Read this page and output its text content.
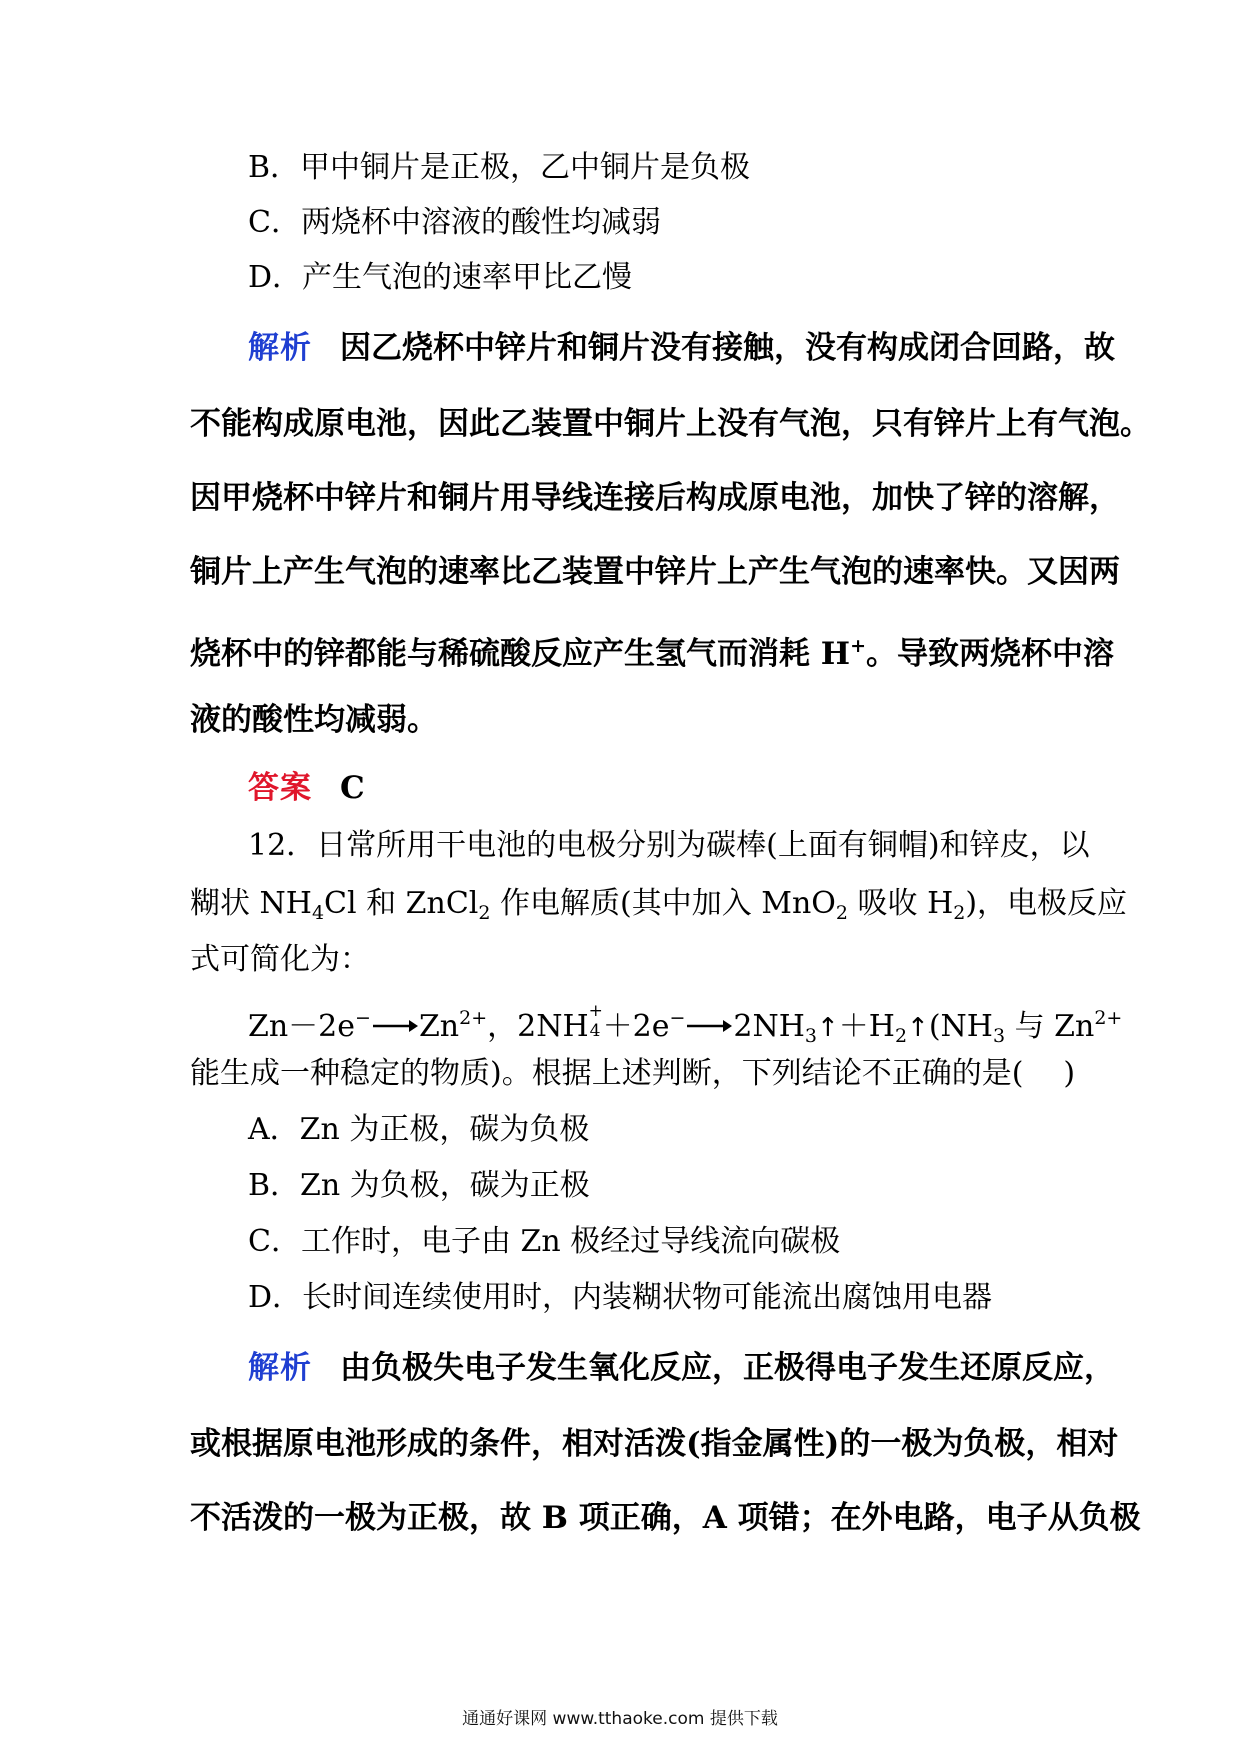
B．甲中铜片是正极，乙中铜片是负极
C．两烧杯中溶液的酸性均减弱
D．产生气泡的速率甲比乙慢
解析 因乙烧杯中锌片和铜片没有接触，没有构成闭合回路，故
不能构成原电池，因此乙装置中铜片上没有气泡，只有锌片上有气泡。
因甲烧杯中锌片和铜片用导线连接后构成原电池，加快了锌的溶解，
铜片上产生气泡的速率比乙装置中锌片上产生气泡的速率快。又因两
烧杯中的锌都能与稀硫酸反应产生氢气而消耗 H+。导致两烧杯中溶
液的酸性均减弱。
答案 C
12．日常所用干电池的电极分别为碳棒(上面有铜帽)和锌皮，以
糊状 $NH_4Cl$ 和 ZnCl$_2$ 作电解质(其中加入 MnO$_2$ 吸收 $H_2$)，电极反应
式可简化为：
$Zn-2e^-\to Zn^{2+}$，2NH +
$4 +2e^-\to 2NH_3↑+H_2↑(NH_3$ 与 $Zn^{2+}$
能生成一种稳定的物质)。根据上述判断，下列结论不正确的是( )
A．Zn 为正极，碳为负极
B．Zn 为负极，碳为正极
C．工作时，电子由 Zn 极经过导线流向碳极
D．长时间连续使用时，内装糊状物可能流出腐蚀用电器
解析 由负极失电子发生氧化反应，正极得电子发生还原反应，
或根据原电池形成的条件，相对活泼(指金属性)的一极为负极，相对
不活泼的一极为正极，故 B 项正确，A 项错；在外电路，电子从负极
通通好课网 www.tthaoke.com 提供下载
